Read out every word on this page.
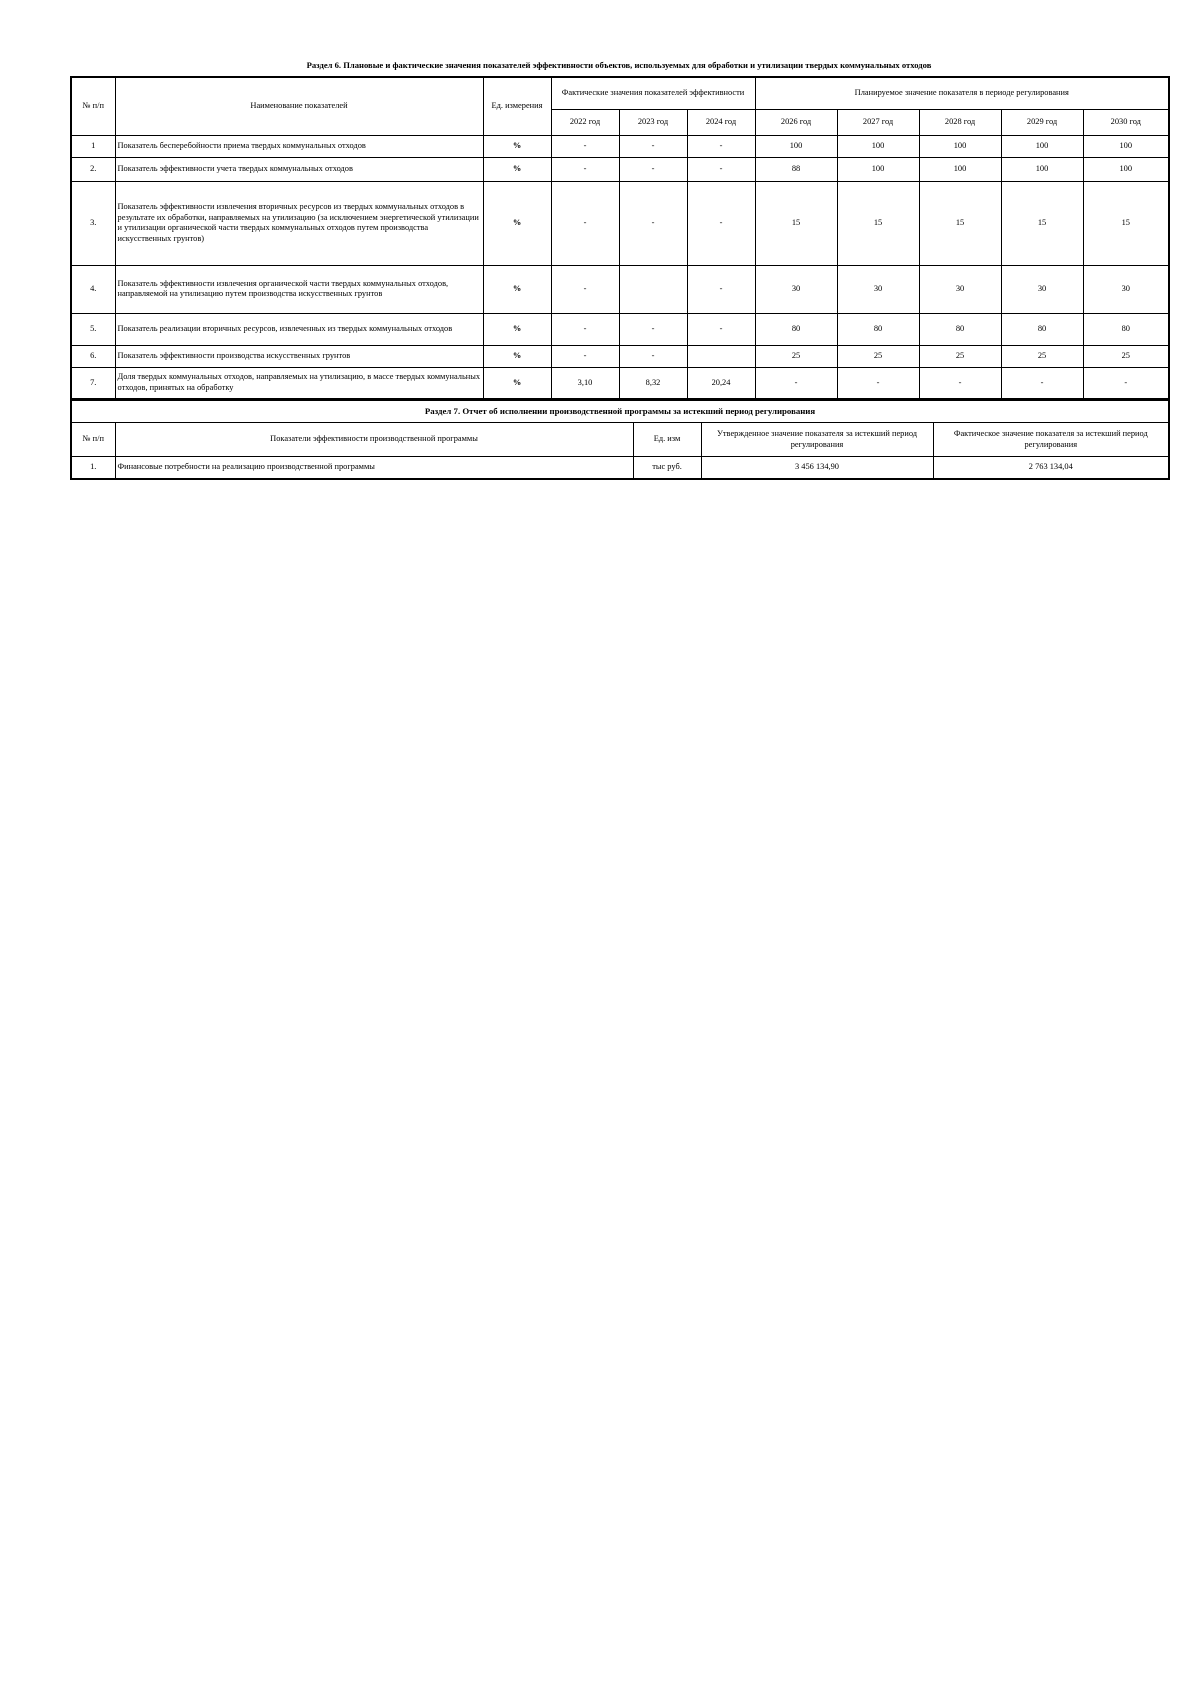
Раздел 6. Плановые и фактические значения показателей эффективности объектов, используемых для обработки и утилизации твердых коммунальных отходов
№ п/п	Наименование показателей	Ед. измерения	Фактические значения показателей эффективности			Планируемое значение показателя в периоде регулирования				
			2022 год	2023 год	2024 год	2026 год	2027 год	2028 год	2029 год	2030 год
1	Показатель бесперебойности приема твердых коммунальных отходов	%	-	-	-	100	100	100	100	100
2.	Показатель эффективности учета твердых коммунальных отходов	%	-	-	-	88	100	100	100	100
3.	Показатель эффективности извлечения вторичных ресурсов из твердых коммунальных отходов в результате их обработки, направляемых на утилизацию (за исключением энергетической утилизации и утилизации органической части твердых коммунальных отходов путем производства искусственных грунтов)	%	-	-	-	15	15	15	15	15
4.	Показатель эффективности извлечения органической части твердых коммунальных отходов, направляемой на утилизацию путем производства искусственных грунтов	%	-		-	30	30	30	30	30
5.	Показатель реализации вторичных ресурсов, извлеченных из твердых коммунальных отходов	%	-	-	-	80	80	80	80	80
6.	Показатель эффективности производства искусственных грунтов	%	-	-		25	25	25	25	25
7.	Доля твердых коммунальных отходов, направляемых на утилизацию, в массе твердых коммунальных отходов, принятых на обработку	%	3,10	8,32	20,24	-	-	-	-	-
Раздел 7. Отчет об исполнении производственной программы за истекший период регулирования				
№ п/п	Показатели эффективности производственной программы	Ед. изм	Утвержденное значение показателя за истекший период регулирования	Фактическое значение показателя за истекший период регулирования
1.	Финансовые потребности на реализацию производственной программы	тыс руб.	3 456 134,90	2 763 134,04
